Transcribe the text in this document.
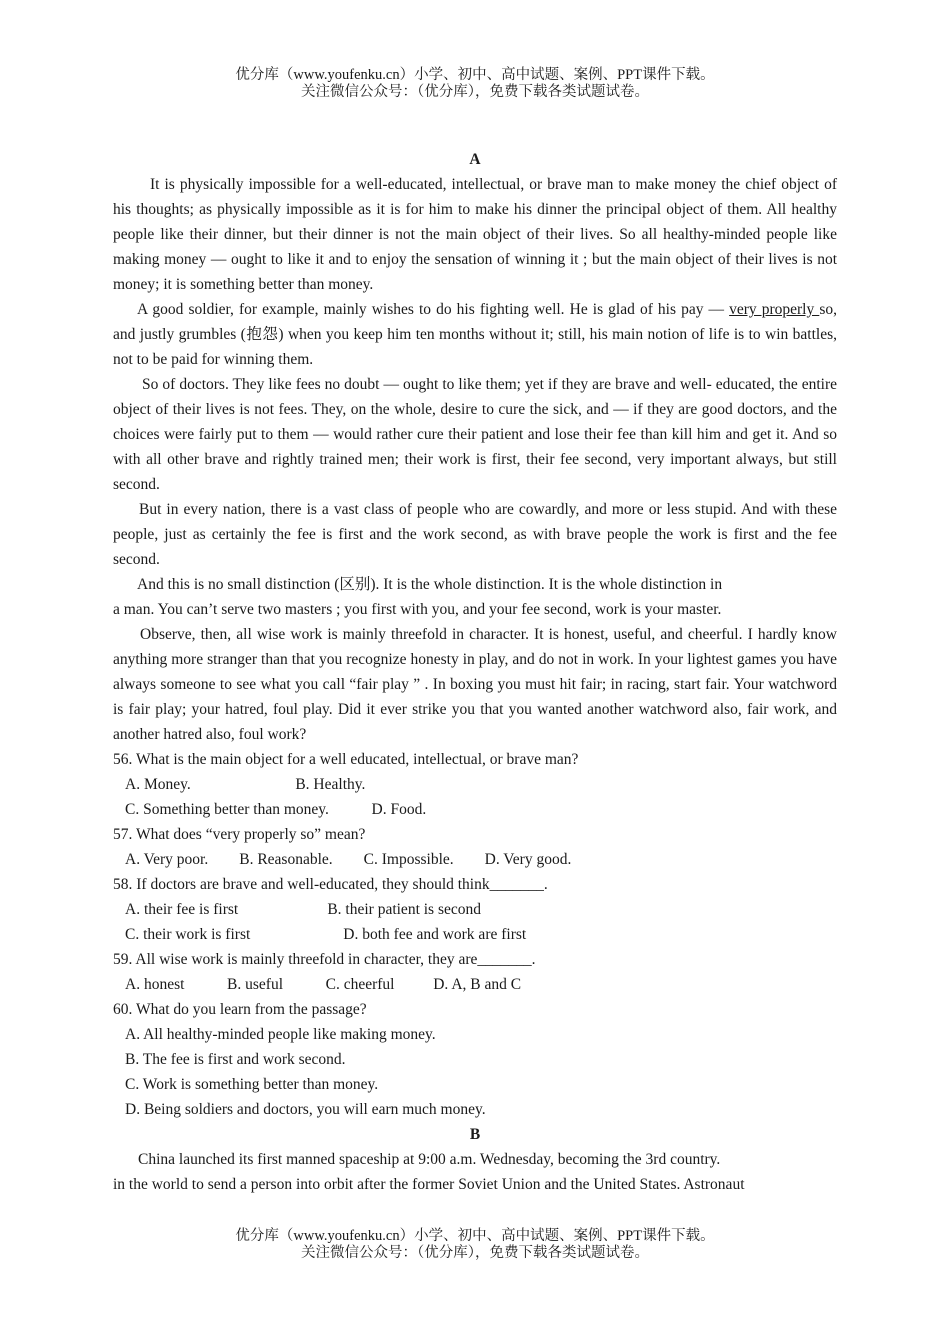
优分库（www.youfenku.cn）小学、初中、高中试题、案例、PPT课件下载。
关注微信公众号：（优分库），免费下载各类试题试卷。
A

It is physically impossible for a well-educated, intellectual, or brave man to make money the chief object of his thoughts; as physically impossible as it is for him to make his dinner the principal object of them. All healthy people like their dinner, but their dinner is not the main object of their lives. So all healthy-minded people like making money — ought to like it and to enjoy the sensation of winning it ; but the main object of their lives is not money; it is something better than money.

A good soldier, for example, mainly wishes to do his fighting well. He is glad of his pay — very properly so, and justly grumbles (抱怨) when you keep him ten months without it; still, his main notion of life is to win battles, not to be paid for winning them.

So of doctors. They like fees no doubt — ought to like them; yet if they are brave and well- educated, the entire object of their lives is not fees. They, on the whole, desire to cure the sick, and — if they are good doctors, and the choices were fairly put to them — would rather cure their patient and lose their fee than kill him and get it. And so with all other brave and rightly trained men; their work is first, their fee second, very important always, but still second.

But in every nation, there is a vast class of people who are cowardly, and more or less stupid. And with these people, just as certainly the fee is first and the work second, as with brave people the work is first and the fee second.

And this is no small distinction (区别). It is the whole distinction. It is the whole distinction in
a man. You can’t serve two masters ; you first with you, and your fee second, work is your master.

Observe, then, all wise work is mainly threefold in character. It is honest, useful, and cheerful. I hardly know anything more stranger than that you recognize honesty in play, and do not in work. In your lightest games you have always someone to see what you call “fair play ” . In boxing you must hit fair; in racing, start fair. Your watchword is fair play; your hatred, foul play. Did it ever strike you that you wanted another watchword also, fair work, and another hatred also, foul work?

56. What is the main object for a well educated, intellectual, or brave man?
A. Money.                           B. Healthy.
C. Something better than money.           D. Food.
57. What does “very properly so” mean?
A. Very poor.        B. Reasonable.        C. Impossible.        D. Very good.
58. If doctors are brave and well-educated, they should think_______.
A. their fee is first                       B. their patient is second
C. their work is first                        D. both fee and work are first
59. All wise work is mainly threefold in character, they are_______.
A. honest           B. useful           C. cheerful          D. A, B and C
60. What do you learn from the passage?
A. All healthy-minded people like making money.
B. The fee is first and work second.
C. Work is something better than money.
D. Being soldiers and doctors, you will earn much money.
B
China launched its first manned spaceship at 9:00 a.m. Wednesday, becoming the 3rd country.
in the world to send a person into orbit after the former Soviet Union and the United States. Astronaut
优分库（www.youfenku.cn）小学、初中、高中试题、案例、PPT课件下载。
关注微信公众号：（优分库），免费下载各类试题试卷。
